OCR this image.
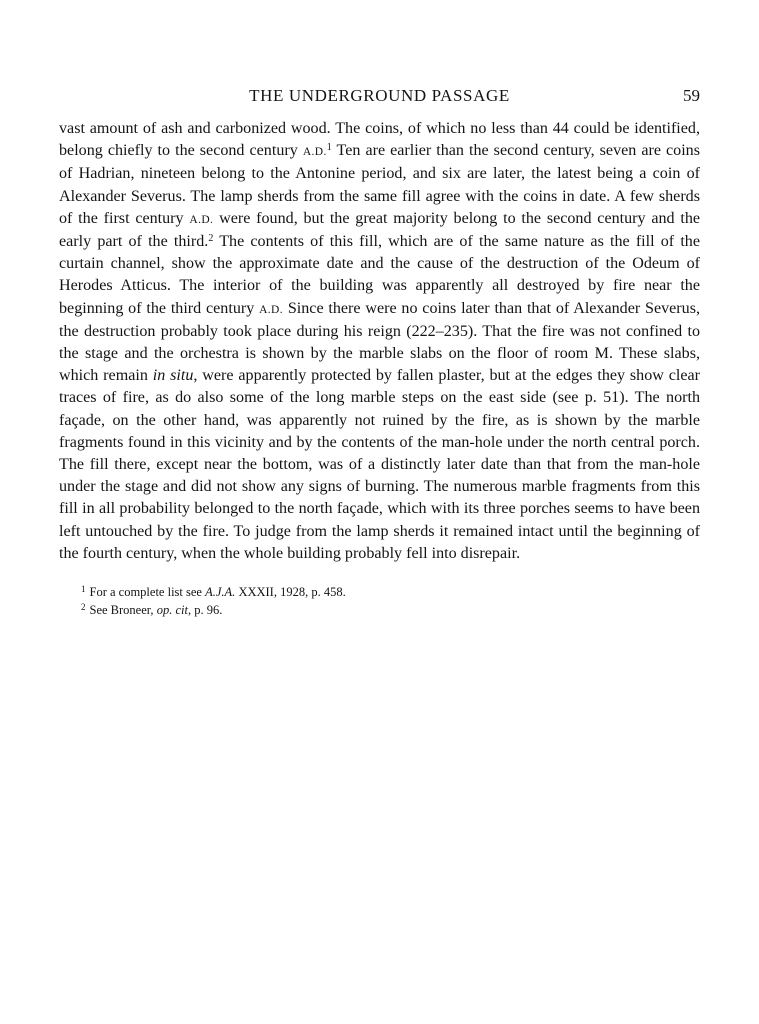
THE UNDERGROUND PASSAGE	59

vast amount of ash and carbonized wood. The coins, of which no less than 44 could be identified, belong chiefly to the second century A.D.$^1$ Ten are earlier than the second century, seven are coins of Hadrian, nineteen belong to the Antonine period, and six are later, the latest being a coin of Alexander Severus. The lamp sherds from the same fill agree with the coins in date. A few sherds of the first century A.D. were found, but the great majority belong to the second century and the early part of the third.$^2$ The contents of this fill, which are of the same nature as the fill of the curtain channel, show the approximate date and the cause of the destruction of the Odeum of Herodes Atticus. The interior of the building was apparently all destroyed by fire near the beginning of the third century A.D. Since there were no coins later than that of Alexander Severus, the destruction probably took place during his reign (222–235). That the fire was not confined to the stage and the orchestra is shown by the marble slabs on the floor of room M. These slabs, which remain in situ, were apparently protected by fallen plaster, but at the edges they show clear traces of fire, as do also some of the long marble steps on the east side (see p. 51). The north façade, on the other hand, was apparently not ruined by the fire, as is shown by the marble fragments found in this vicinity and by the contents of the man-hole under the north central porch. The fill there, except near the bottom, was of a distinctly later date than that from the man-hole under the stage and did not show any signs of burning. The numerous marble fragments from this fill in all probability belonged to the north façade, which with its three porches seems to have been left untouched by the fire. To judge from the lamp sherds it remained intact until the beginning of the fourth century, when the whole building probably fell into disrepair.

$^1$ For a complete list see A.J.A. XXXII, 1928, p. 458.
$^2$ See Broneer, op. cit, p. 96.
